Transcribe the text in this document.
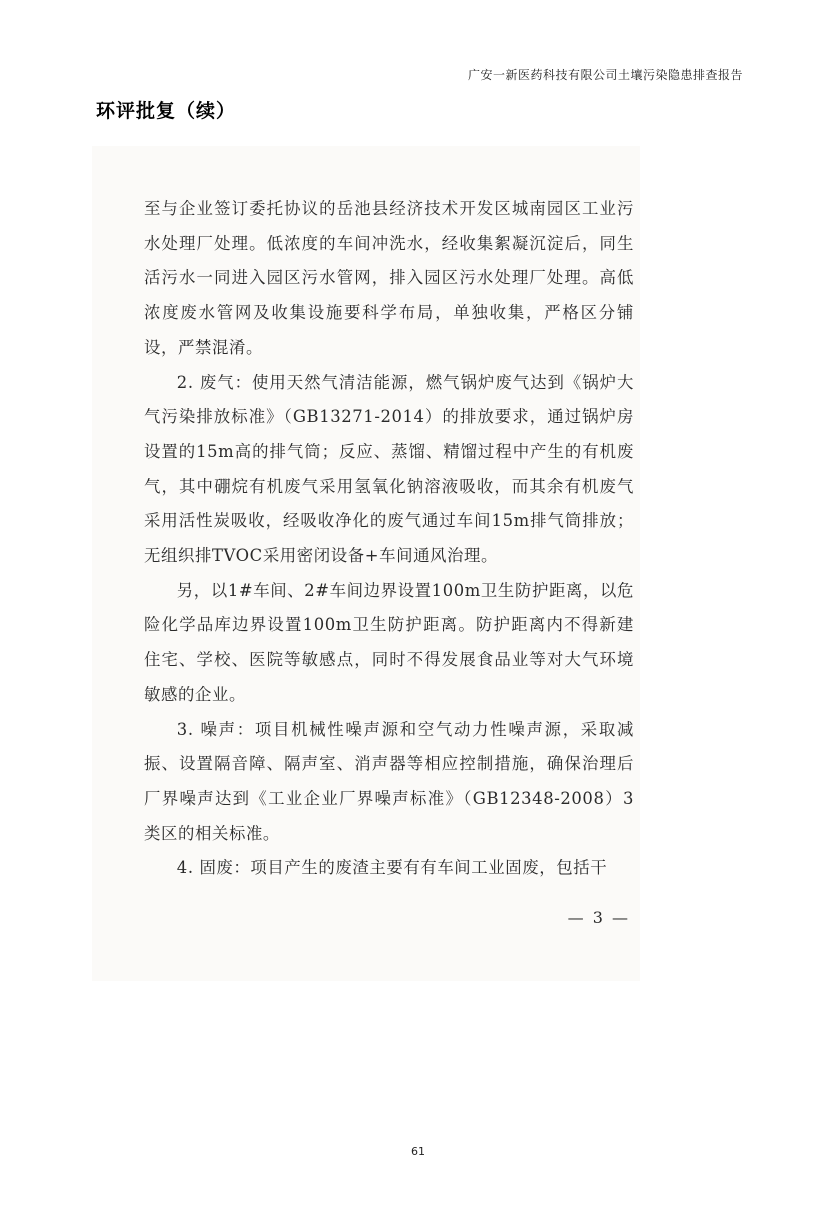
广安一新医药科技有限公司土壤污染隐患排查报告
环评批复（续）

至与企业签订委托协议的岳池县经济技术开发区城南园区工业污水处理厂处理。低浓度的车间冲洗水，经收集絮凝沉淀后，同生活污水一同进入园区污水管网，排入园区污水处理厂处理。高低浓度废水管网及收集设施要科学布局，单独收集，严格区分铺设，严禁混淆。

2. 废气：使用天然气清洁能源，燃气锅炉废气达到《锅炉大气污染排放标准》（GB13271-2014）的排放要求，通过锅炉房设置的15m高的排气筒；反应、蒸馏、精馏过程中产生的有机废气，其中硼烷有机废气采用氢氧化钠溶液吸收，而其余有机废气采用活性炭吸收，经吸收净化的废气通过车间15m排气筒排放；无组织排TVOC采用密闭设备+车间通风治理。

另，以1#车间、2#车间边界设置100m卫生防护距离，以危险化学品库边界设置100m卫生防护距离。防护距离内不得新建住宅、学校、医院等敏感点，同时不得发展食品业等对大气环境敏感的企业。

3. 噪声：项目机械性噪声源和空气动力性噪声源，采取减振、设置隔音障、隔声室、消声器等相应控制措施，确保治理后厂界噪声达到《工业企业厂界噪声标准》（GB12348-2008）3类区的相关标准。

4. 固废：项目产生的废渣主要有有车间工业固废，包括干

— 3 —
61
